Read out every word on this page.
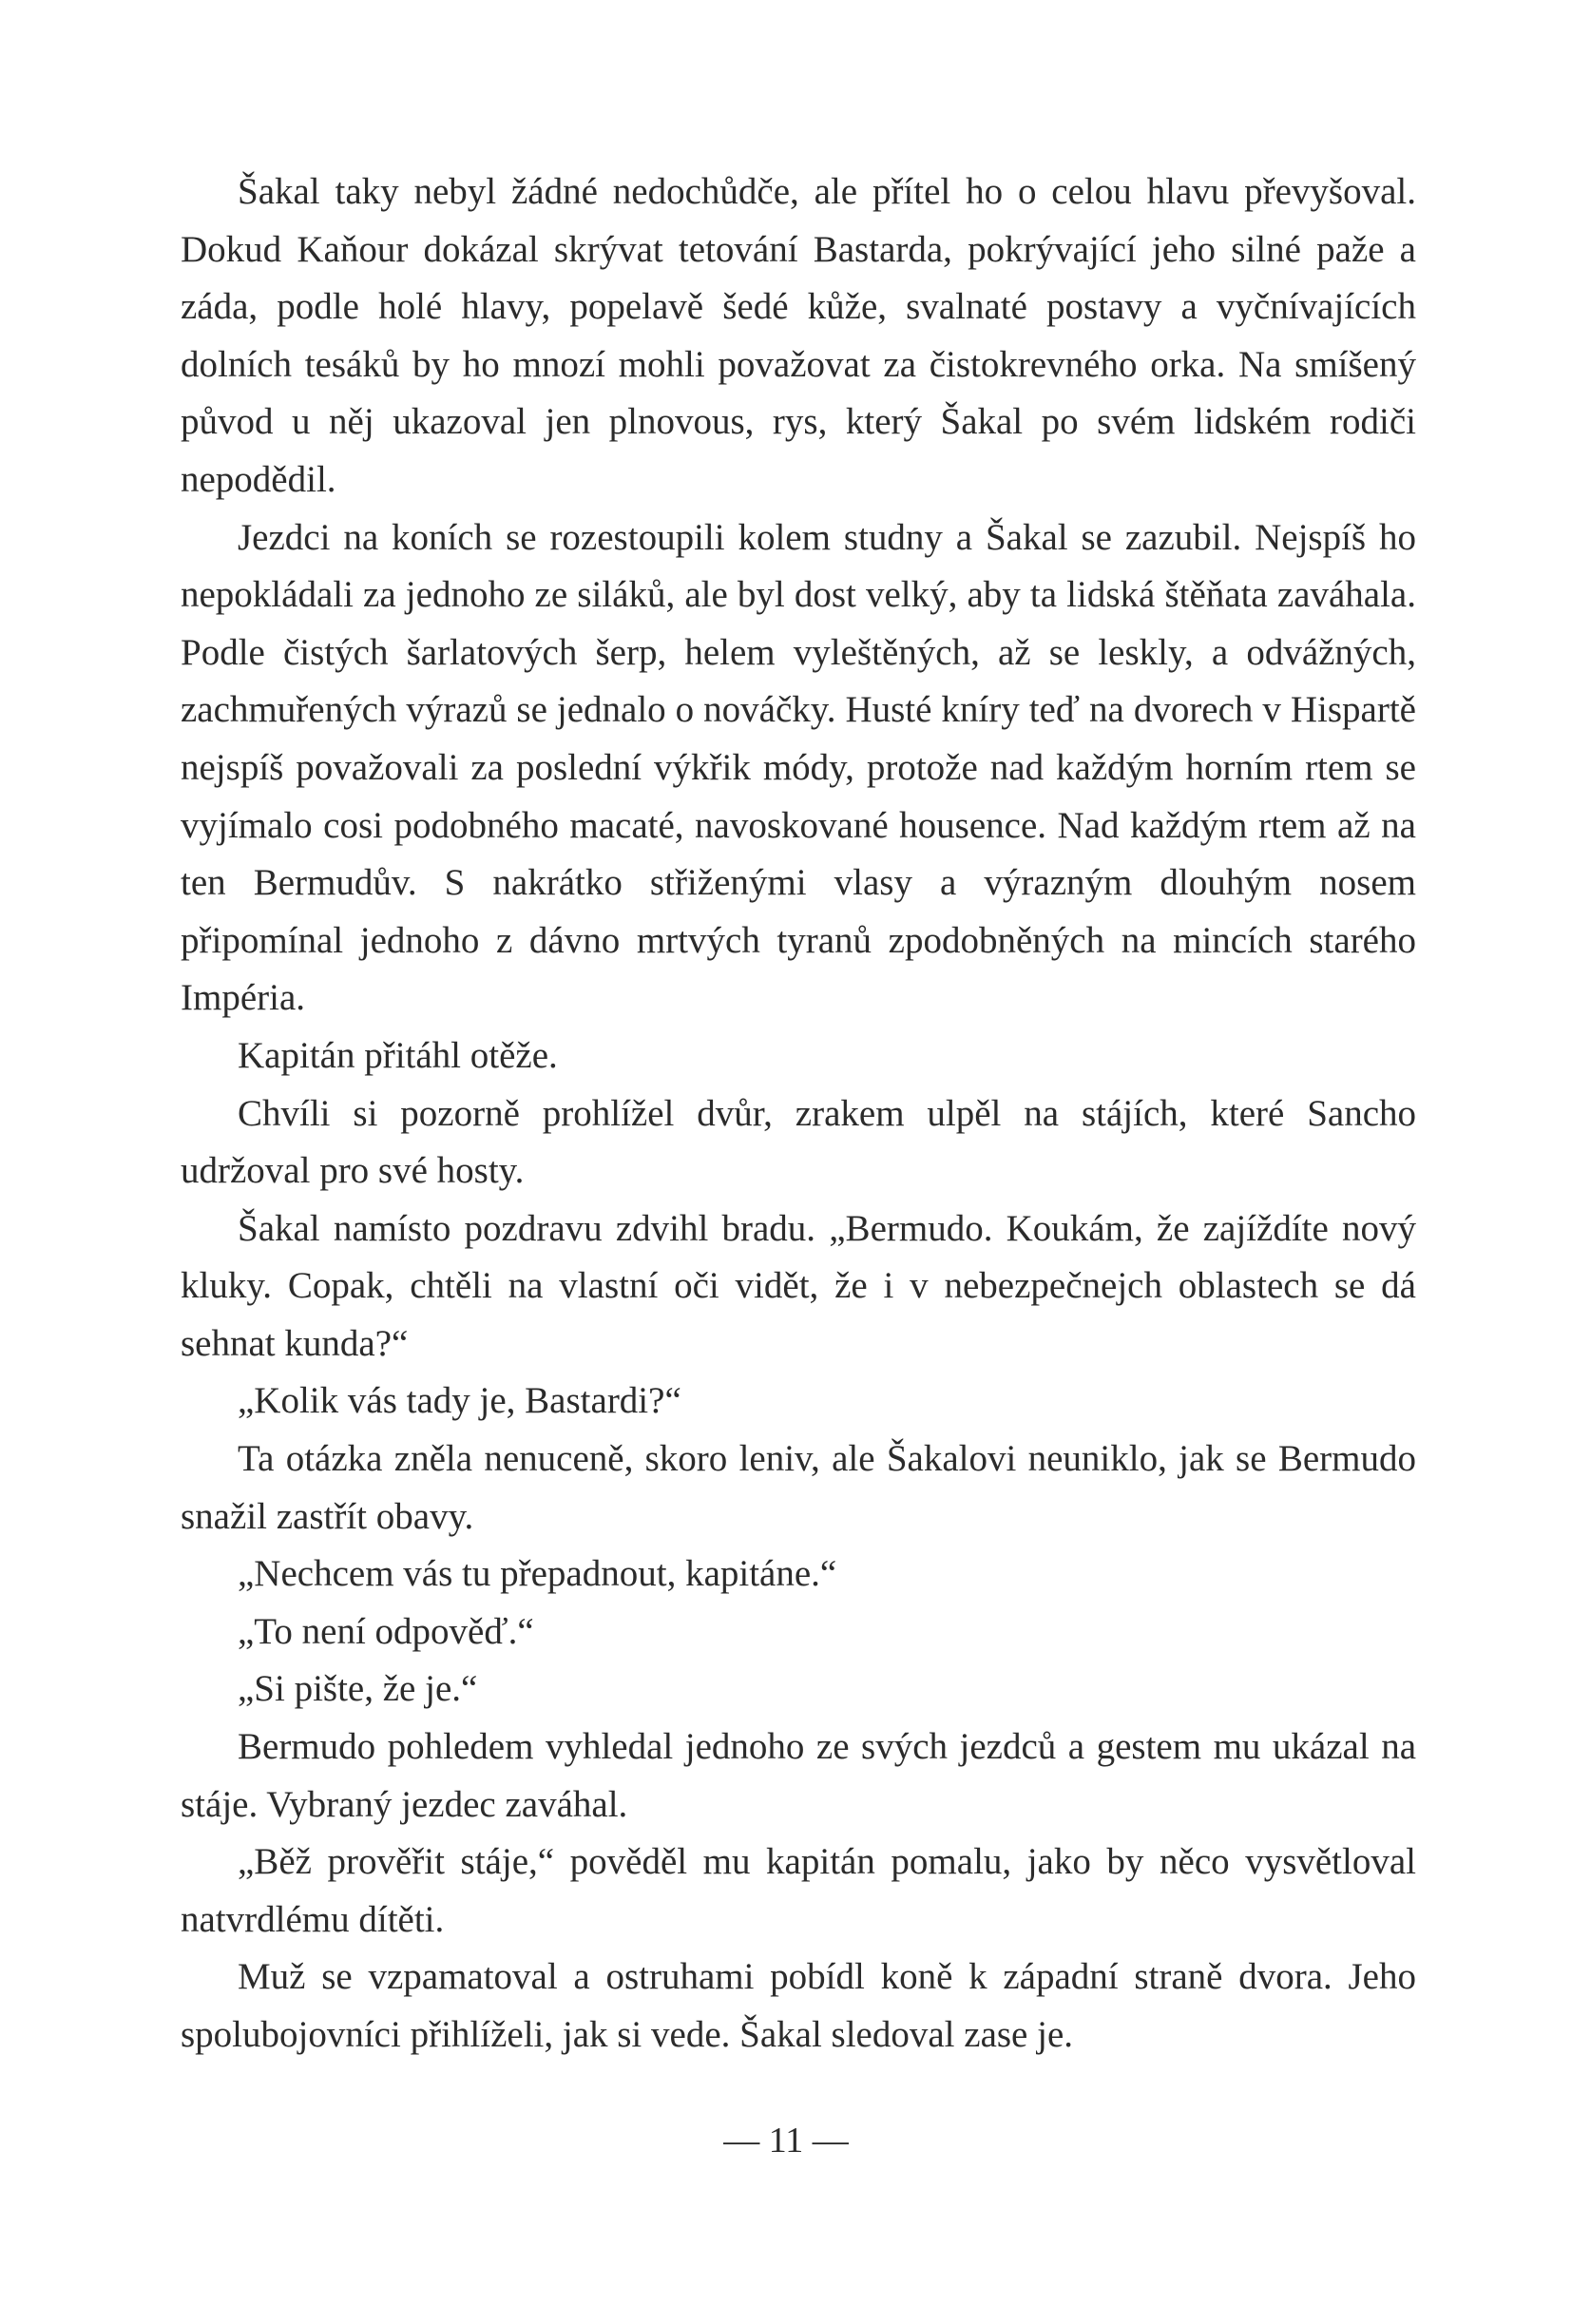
Šakal taky nebyl žádné nedochůdče, ale přítel ho o celou hlavu převyšoval. Dokud Kaňour dokázal skrývat tetování Bastarda, pokrývající jeho silné paže a záda, podle holé hlavy, popelavě šedé kůže, svalnaté postavy a vyčnívajících dolních tesáků by ho mnozí mohli považovat za čistokrevného orka. Na smíšený původ u něj ukazoval jen plnovous, rys, který Šakal po svém lidském rodiči nepodědil.

Jezdci na koních se rozestoupili kolem studny a Šakal se zazubil. Nejspíš ho nepokládali za jednoho ze siláků, ale byl dost velký, aby ta lidská štěňata zaváhala. Podle čistých šarlatových šerp, helem vyleštěných, až se leskly, a odvážných, zachmuřených výrazů se jednalo o nováčky. Husté kníry teď na dvorech v Hispartě nejspíš považovali za poslední výkřik módy, protože nad každým horním rtem se vyjímalo cosi podobného macaté, navoskované housence. Nad každým rtem až na ten Bermudův. S nakrátko střiženými vlasy a výrazným dlouhým nosem připomínal jednoho z dávno mrtvých tyranů zpodobněných na mincích starého Impéria.

Kapitán přitáhl otěže.

Chvíli si pozorně prohlížel dvůr, zrakem ulpěl na stájích, které Sancho udržoval pro své hosty.

Šakal namísto pozdravu zdvihl bradu. „Bermudo. Koukám, že zajíždíte nový kluky. Copak, chtěli na vlastní oči vidět, že i v nebezpečnejch oblastech se dá sehnat kunda?“

„Kolik vás tady je, Bastardi?“

Ta otázka zněla nenuceně, skoro leniv, ale Šakalovi neuniklo, jak se Bermudo snažil zastřít obavy.

„Nechcem vás tu přepadnout, kapitáne.“

„To není odpověď.“

„Si pište, že je.“

Bermudo pohledem vyhledal jednoho ze svých jezdců a gestem mu ukázal na stáje. Vybraný jezdec zaváhal.

„Běž prověřit stáje,“ pověděl mu kapitán pomalu, jako by něco vysvětloval natvrdlému dítěti.

Muž se vzpamatoval a ostruhami pobídl koně k západní straně dvora. Jeho spolubojovníci přihlíželi, jak si vede. Šakal sledoval zase je.

— 11 —
